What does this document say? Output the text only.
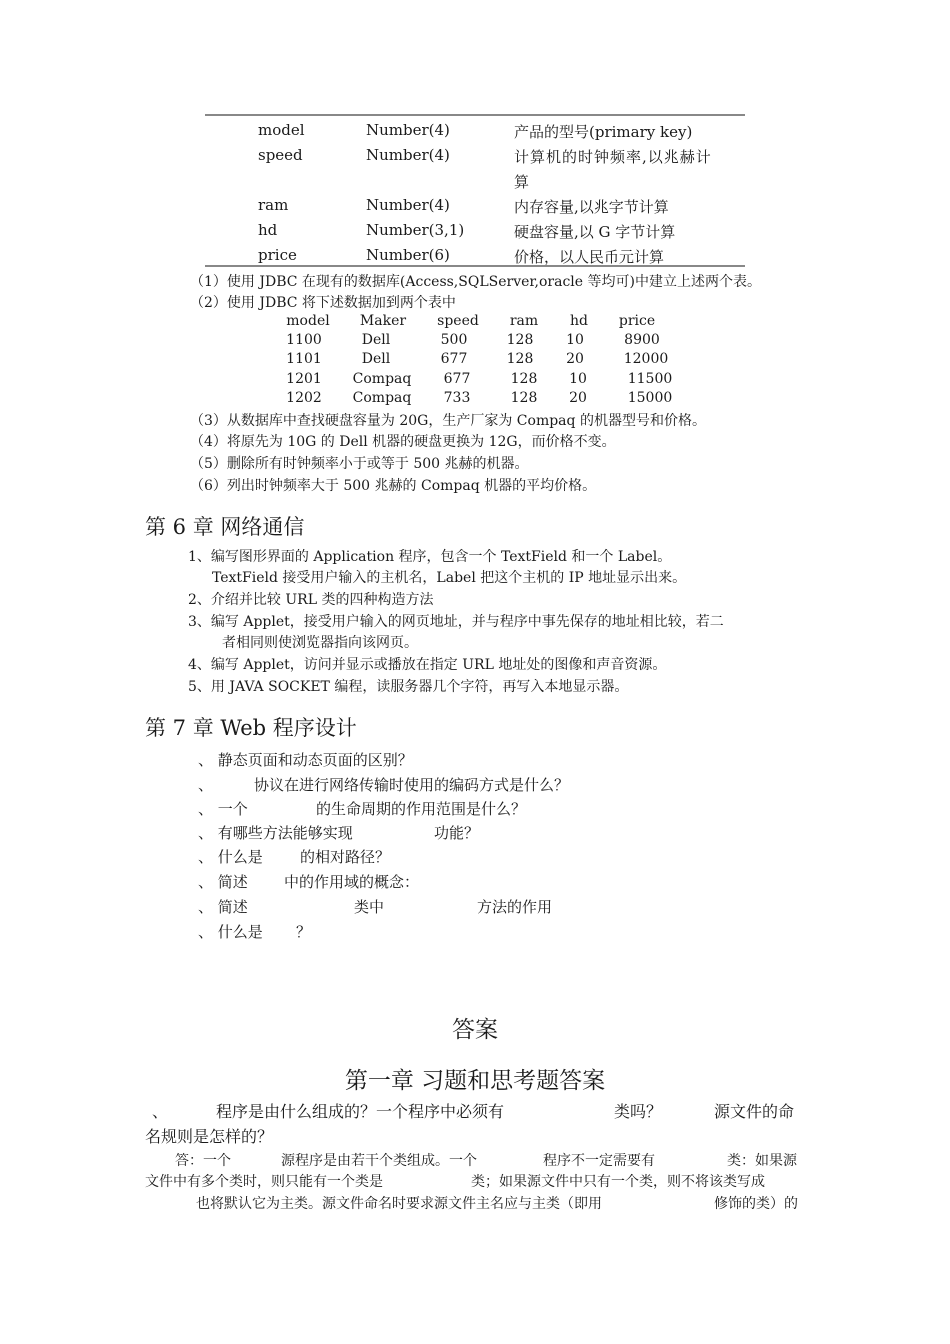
model	Number(4)	产品的型号(primary key)
speed	Number(4)	计算机的时钟频率,以兆赫计
算
ram	Number(4)	内存容量,以兆字节计算
hd	Number(3,1)	硬盘容量,以 G 字节计算
price	Number(6)	价格，以人民币元计算
（1）使用 JDBC 在现有的数据库(Access,SQLServer,oracle 等均可)中建立上述两个表。
（2）使用 JDBC 将下述数据加到两个表中
model	Maker	speed	ram	hd	price
1100	Dell	500	128	10	8900
1101	Dell	677	128	20	12000
1201	Compaq	677	128	10	11500
1202	Compaq	733	128	20	15000
（3）从数据库中查找硬盘容量为 20G，生产厂家为 Compaq 的机器型号和价格。
（4）将原先为 10G 的 Dell 机器的硬盘更换为 12G，而价格不变。
（5）删除所有时钟频率小于或等于 500 兆赫的机器。
（6）列出时钟频率大于 500 兆赫的 Compaq 机器的平均价格。
第 6 章 网络通信
1、编写图形界面的 Application 程序，包含一个 TextField 和一个 Label。
TextField 接受用户输入的主机名，Label 把这个主机的 IP 地址显示出来。
2、介绍并比较 URL 类的四种构造方法
3、编写 Applet，接受用户输入的网页地址，并与程序中事先保存的地址相比较，若二
者相同则使浏览器指向该网页。
4、编写 Applet，访问并显示或播放在指定 URL 地址处的图像和声音资源。
5、用 JAVA SOCKET 编程，读服务器几个字符，再写入本地显示器。
第 7 章 Web 程序设计
、 静态页面和动态页面的区别？
、	协议在进行网络传输时使用的编码方式是什么？
、 一个	的生命周期的作用范围是什么？
、 有哪些方法能够实现	功能？
、 什么是 的相对路径？
、 简述 中的作用域的概念：
、 简述	类中	方法的作用
、 什么是 ？
答案
第一章 习题和思考题答案
、	程序是由什么组成的？一个程序中必须有	类吗？	源文件的命
名规则是怎样的？
答：一个	源程序是由若干个类组成。一个	程序不一定需要有	类：如果源
文件中有多个类时，则只能有一个类是	类；如果源文件中只有一个类，则不将该类写成
也将默认它为主类。源文件命名时要求源文件主名应与主类（即用	修饰的类）的
